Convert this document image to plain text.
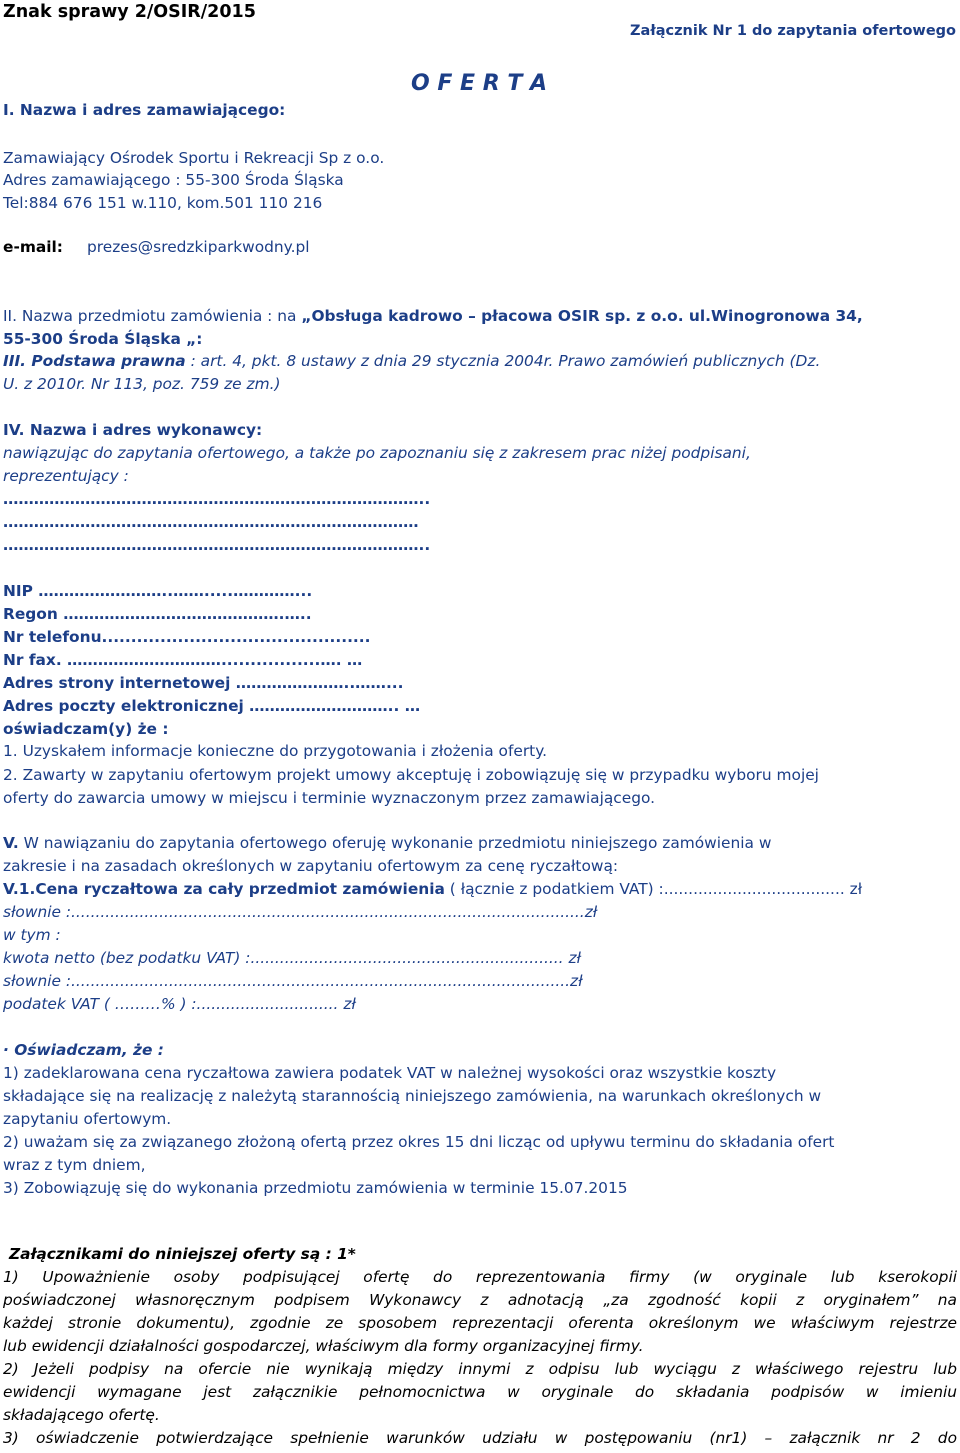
Znak sprawy 2/OSIR/2015
Załącznik Nr 1 do zapytania ofertowego
O F E R T A
I. Nazwa i adres zamawiającego:
Zamawiający Ośrodek Sportu i Rekreacji Sp z o.o.
Adres zamawiającego : 55-300 Środa Śląska
Tel:884 676 151 w.110, kom.501 110 216
e-mail: prezes@sredzkiparkwodny.pl
II. Nazwa przedmiotu zamówienia : na „Obsługa kadrowo – płacowa OSIR sp. z o.o. ul.Winogronowa 34,
55-300 Środa Śląska „:
III. Podstawa prawna : art. 4, pkt. 8 ustawy z dnia 29 stycznia 2004r. Prawo zamówień publicznych (Dz.
U. z 2010r. Nr 113, poz. 759 ze zm.)
IV. Nazwa i adres wykonawcy:
nawiązując do zapytania ofertowego, a także po zapoznaniu się z zakresem prac niżej podpisani,
reprezentujący :
………………………………………………………………………..
………………………………………………………………………
………………………………………………………………………..
NIP ……………………..…….....…………...
Regon …………………………………….…..
Nr telefonu..............................................
Nr fax. ………………………….................…. …
Adres strony internetowej …………………..……...
Adres poczty elektronicznej ……………………….. …
oświadczam(y) że :
1. Uzyskałem informacje konieczne do przygotowania i złożenia oferty.
2. Zawarty w zapytaniu ofertowym projekt umowy akceptuję i zobowiązuję się w przypadku wyboru mojej
oferty do zawarcia umowy w miejscu i terminie wyznaczonym przez zamawiającego.
V. W nawiązaniu do zapytania ofertowego oferuję wykonanie przedmiotu niniejszego zamówienia w
zakresie i na zasadach określonych w zapytaniu ofertowym za cenę ryczałtową:
V.1.Cena ryczałtowa za cały przedmiot zamówienia ( łącznie z podatkiem VAT) :..................................... zł
słownie :.........................................................................................................zł
w tym :
kwota netto (bez podatku VAT) :................................................................ zł
słownie :......................................................................................................zł
podatek VAT ( ………% ) :............................. zł
· Oświadczam, że :
1) zadeklarowana cena ryczałtowa zawiera podatek VAT w należnej wysokości oraz wszystkie koszty
składające się na realizację z należytą starannością niniejszego zamówienia, na warunkach określonych w
zapytaniu ofertowym.
2) uważam się za związanego złożoną ofertą przez okres 15 dni licząc od upływu terminu do składania ofert
wraz z tym dniem,
3) Zobowiązuję się do wykonania przedmiotu zamówienia w terminie 15.07.2015
Załącznikami do niniejszej oferty są : 1*
1) Upoważnienie osoby podpisującej ofertę do reprezentowania firmy (w oryginale lub kserokopii
poświadczonej własnoręcznym podpisem Wykonawcy z adnotacją „za zgodność kopii z oryginałem” na
każdej stronie dokumentu), zgodnie ze sposobem reprezentacji oferenta określonym we właściwym rejestrze
lub ewidencji działalności gospodarczej, właściwym dla formy organizacyjnej firmy.
2) Jeżeli podpisy na ofercie nie wynikają między innymi z odpisu lub wyciągu z właściwego rejestru lub
ewidencji wymagane jest załącznikie pełnomocnictwa w oryginale do składania podpisów w imieniu
składającego ofertę.
3) oświadczenie potwierdzające spełnienie warunków udziału w postępowaniu (nr1) – załącznik nr 2 do
